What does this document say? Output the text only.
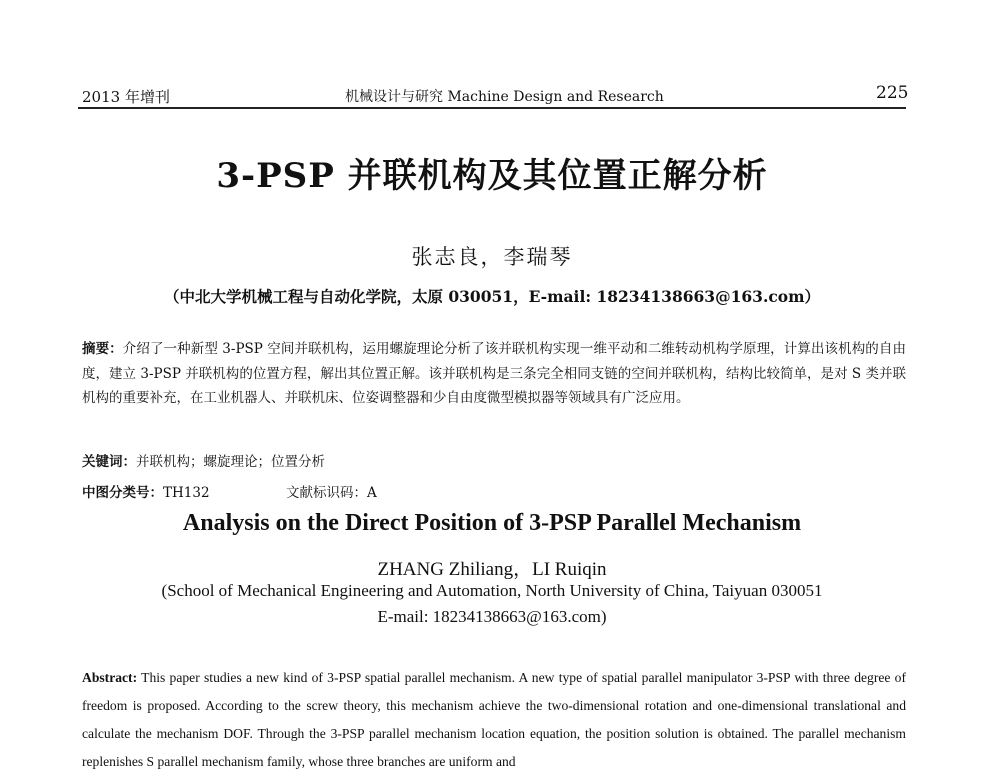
2013 年增刊	机械设计与研究 Machine Design and Research	225
3-PSP 并联机构及其位置正解分析
张志良，李瑞琴
（中北大学机械工程与自动化学院，太原 030051，E-mail: 18234138663@163.com）
摘要：介绍了一种新型 3-PSP 空间并联机构，运用螺旋理论分析了该并联机构实现一维平动和二维转动机构学原理，计算出该机构的自由度，建立 3-PSP 并联机构的位置方程，解出其位置正解。该并联机构是三条完全相同支链的空间并联机构，结构比较简单，是对 S 类并联机构的重要补充，在工业机器人、并联机床、位姿调整器和少自由度微型模拟器等领域具有广泛应用。
关键词：并联机构；螺旋理论；位置分析
中图分类号：TH132	文献标识码：A
Analysis on the Direct Position of 3-PSP Parallel Mechanism
ZHANG Zhiliang，LI Ruiqin
(School of Mechanical Engineering and Automation, North University of China, Taiyuan 030051
E-mail: 18234138663@163.com)
Abstract: This paper studies a new kind of 3-PSP spatial parallel mechanism. A new type of spatial parallel manipulator 3-PSP with three degree of freedom is proposed. According to the screw theory, this mechanism achieve the two-dimensional rotation and one-dimensional translational and calculate the mechanism DOF. Through the 3-PSP parallel mechanism location equation, the position solution is obtained. The parallel mechanism replenishes S parallel mechanism family, whose three branches are uniform and
